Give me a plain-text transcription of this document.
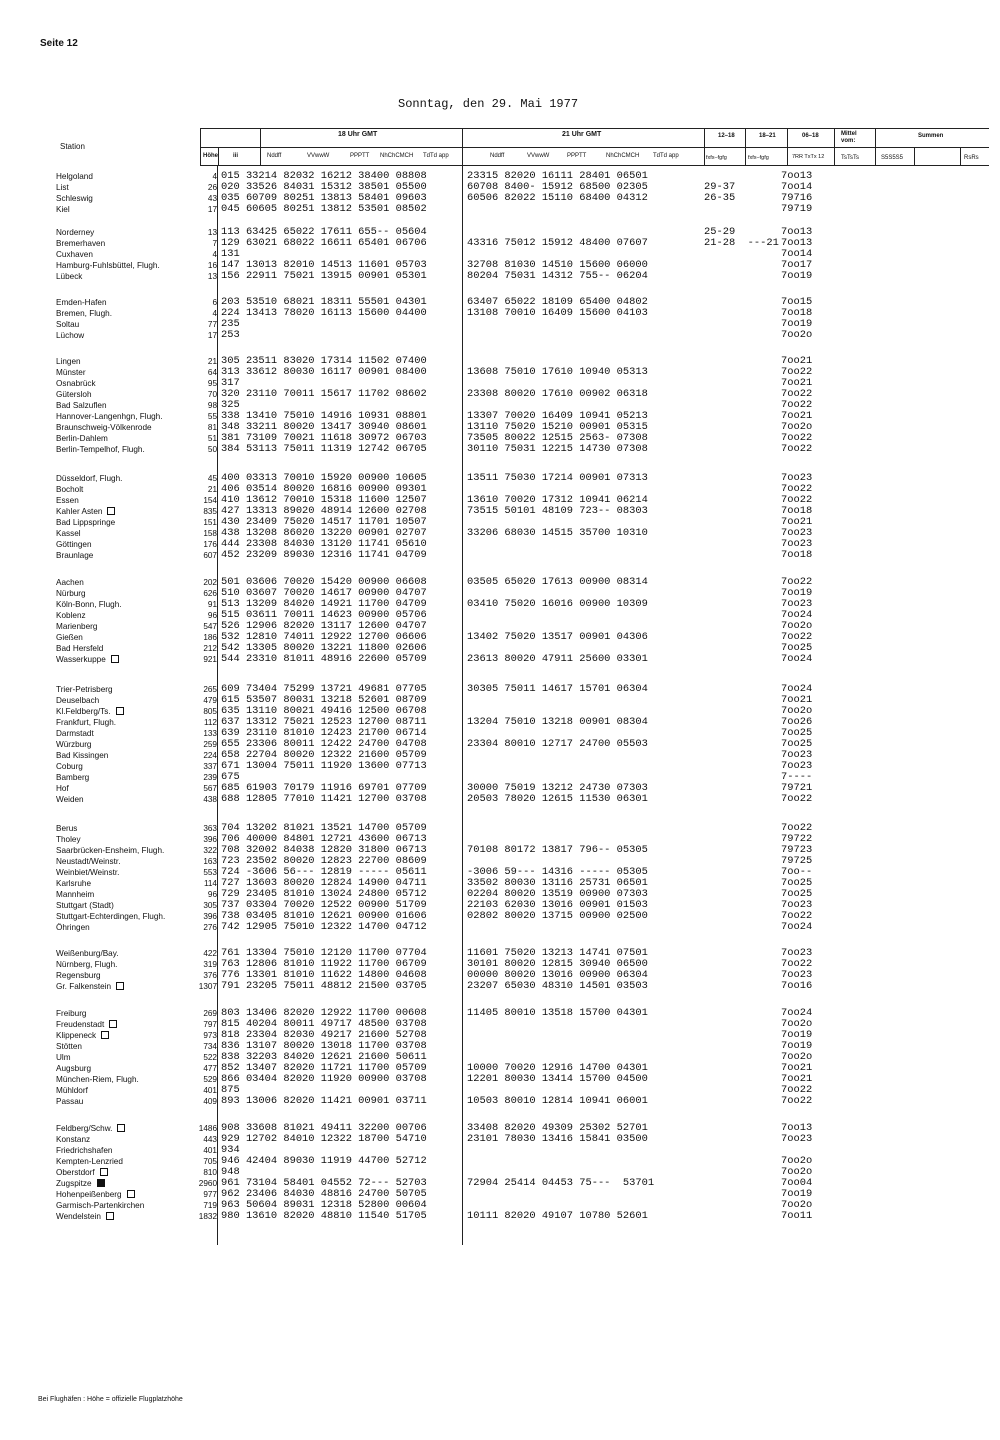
Seite 12
Sonntag, den 29. Mai 1977
Station
Höhe	iii
18 Uhr GMT	21 Uhr GMT
Nddff	VVwwW	PPPTT NhChCMCH TdTd app	Nddff	VVwwW	PPPTT	NhChCMCH TdTd app
12–18	18–21	06–18	Mittel vom:
Summen
fxfx–fgfg	fxfx–fgfg	7RR TxTx 12	TsTsTs	S5S5S5	RsRs
Helgoland	4 015 33214 82032 16212 38400 08808	23315 82020 16111 28401 06501	7oo13
List	26 020 33526 84031 15312 38501 05500	60708 8400- 15912 68500 02305	29-37	7oo14
Schleswig	43 035 60709 80251 13813 58401 09603	60506 82022 15110 68400 04312	26-35	79716
Kiel	17 045 60605 80251 13812 53501 08502	79719
Norderney	13 113 63425 65022 17611 655-- 05604	25-29	7oo13
Bremerhaven	7 129 63021 68022 16611 65401 06706	43316 75012 15912 48400 07607	21-28  ---21 7oo13
Cuxhaven	4 131	7oo14
Hamburg-Fuhlsbüttel, Flugh.	16 147 13013 82010 14513 11601 05703	32708 81030 14510 15600 06000	7oo17
Lübeck	13 156 22911 75021 13915 00901 05301	80204 75031 14312 755-- 06204	7oo19
Emden-Hafen	6 203 53510 68021 18311 55501 04301	63407 65022 18109 65400 04802	7oo15
Bremen, Flugh.	4 224 13413 78020 16113 15600 04400	13108 70010 16409 15600 04103	7oo18
Soltau	77 235	7oo19
Lüchow	17 253	7oo2o
Lingen	21 305 23511 83020 17314 11502 07400	7oo21
Münster	64 313 33612 80030 16117 00901 08400	13608 75010 17610 10940 05313	7oo22
Osnabrück	95 317	7oo21
Gütersloh	70 320 23110 70011 15617 11702 08602	23308 80020 17610 00902 06318	7oo22
Bad Salzuflen	98 325	7oo22
Hannover-Langenhgn, Flugh.	55 338 13410 75010 14916 10931 08801	13307 70020 16409 10941 05213	7oo21
Braunschweig-Völkenrode	81 348 33211 80020 13417 30940 08601	13110 75020 15210 00901 05315	7oo2o
Berlin-Dahlem	51 381 73109 70021 11618 30972 06703	73505 80022 12515 2563- 07308	7oo22
Berlin-Tempelhof, Flugh.	50 384 53113 75011 11319 12742 06705	30110 75031 12215 14730 07308	7oo22
Düsseldorf, Flugh.	45 400 03313 70010 15920 00900 10605	13511 75030 17214 00901 07313	7oo23
Bocholt	21 406 03514 80020 16816 00900 09301	7oo22
Essen	154 410 13612 70010 15318 11600 12507	13610 70020 17312 10941 06214	7oo22
Kahler Asten	835 427 13313 89020 48914 12600 02708	73515 50101 48109 723-- 08303	7oo18
Bad Lippspringe	151 430 23409 75020 14517 11701 10507	7oo21
Kassel	158 438 13208 86020 13220 00901 02707	33206 68030 14515 35700 10310	7oo23
Göttingen	176 444 23308 84030 13120 11741 05610	7oo23
Braunlage	607 452 23209 89030 12316 11741 04709	7oo18
Aachen	202 501 03606 70020 15420 00900 06608	03505 65020 17613 00900 08314	7oo22
Nürburg	626 510 03607 70020 14617 00900 04707	7oo19
Köln-Bonn, Flugh.	91 513 13209 84020 14921 11700 04709	03410 75020 16016 00900 10309	7oo23
Koblenz	96 515 03611 70011 14623 00900 05706	7oo24
Marienberg	547 526 12906 82020 13117 12600 04707	7oo2o
Gießen	186 532 12810 74011 12922 12700 06606	13402 75020 13517 00901 04306	7oo22
Bad Hersfeld	212 542 13305 80020 13221 11800 02606	7oo25
Wasserkuppe	921 544 23310 81011 48916 22600 05709	23613 80020 47911 25600 03301	7oo24
Trier-Petrisberg	265 609 73404 75299 13721 49681 07705	30305 75011 14617 15701 06304	7oo24
Deuselbach	479 615 53507 80031 13218 52601 08709	7oo21
Kl.Feldberg/Ts.	805 635 13110 80021 49416 12500 06708	7oo2o
Frankfurt, Flugh.	112 637 13312 75021 12523 12700 08711	13204 75010 13218 00901 08304	7oo26
Darmstadt	133 639 23110 81010 12423 21700 06714	7oo25
Würzburg	259 655 23306 80011 12422 24700 04708	23304 80010 12717 24700 05503	7oo25
Bad Kissingen	224 658 22704 80020 12322 21600 05709	7oo23
Coburg	337 671 13004 75011 11920 13600 07713	7oo23
Bamberg	239 675	7----
Hof	567 685 61903 70179 11916 69701 07709	30000 75019 13212 24730 07303	79721
Weiden	438 688 12805 77010 11421 12700 03708	20503 78020 12615 11530 06301	7oo22
Berus	363 704 13202 81021 13521 14700 05709	7oo22
Tholey	396 706 40000 84801 12721 43600 06713	79722
Saarbrücken-Ensheim, Flugh.	322 708 32002 84038 12820 31800 06713	70108 80172 13817 796-- 05305	79723
Neustadt/Weinstr.	163 723 23502 80020 12823 22700 08609	79725
Weinbiet/Weinstr.	553 724 -3606 56--- 12819 ----- 05611	-3006 59--- 14316 ----- 05305	7oo--
Karlsruhe	114 727 13603 80020 12824 14900 04711	33502 80030 13116 25731 06501	7oo25
Mannheim	96 729 23405 81010 13024 24800 05712	02204 80020 13519 00900 07303	7oo25
Stuttgart (Stadt)	305 737 03304 70020 12522 00900 51709	22103 62030 13016 00901 01503	7oo23
Stuttgart-Echterdingen, Flugh.	396 738 03405 81010 12621 00900 01606	02802 80020 13715 00900 02500	7oo22
Öhringen	276 742 12905 75010 12322 14700 04712	7oo24
Weißenburg/Bay.	422 761 13304 75010 12120 11700 07704	11601 75020 13213 14741 07501	7oo23
Nürnberg, Flugh.	319 763 12806 81010 11922 11700 06709	30101 80020 12815 30940 06500	7oo22
Regensburg	376 776 13301 81010 11622 14800 04608	00000 80020 13016 00900 06304	7oo23
Gr. Falkenstein	1307 791 23205 75011 48812 21500 03705	23207 65030 48310 14501 03503	7oo16
Freiburg	269 803 13406 82020 12922 11700 00608	11405 80010 13518 15700 04301	7oo24
Freudenstadt	797 815 40204 80011 49717 48500 03708	7oo2o
Klippeneck	973 818 23304 82030 49217 21600 52708	7oo19
Stötten	734 836 13107 80020 13018 11700 03708	7oo19
Ulm	522 838 32203 84020 12621 21600 50611	7oo2o
Augsburg	477 852 13407 82020 11721 11700 05709	10000 70020 12916 14700 04301	7oo21
München-Riem, Flugh.	529 866 03404 82020 11920 00900 03708	12201 80030 13414 15700 04500	7oo21
Mühldorf	401 875	7oo22
Passau	409 893 13006 82020 11421 00901 03711	10503 80010 12814 10941 06001	7oo22
Feldberg/Schw.	1486 908 33608 81021 49411 32200 00706	33408 82020 49309 25302 52701	7oo13
Konstanz	443 929 12702 84010 12322 18700 54710	23101 78030 13416 15841 03500	7oo23
Friedrichshafen	401 934
Kempten-Lenzried	705 946 42404 89030 11919 44700 52712	7oo2o
Oberstdorf	810 948	7oo2o
Zugspitze	2960 961 73104 58401 04552 72--- 52703	72904 25414 04453 75---  53701	7oo04
Hohenpeißenberg	977 962 23406 84030 48816 24700 50705	7oo19
Garmisch-Partenkirchen	719 963 50604 89031 12318 52800 00604	7oo2o
Wendelstein	1832 980 13610 82020 48810 11540 51705	10111 82020 49107 10780 52601	7oo11
Bei Flughäfen : Höhe = offizielle Flugplatzhöhe
